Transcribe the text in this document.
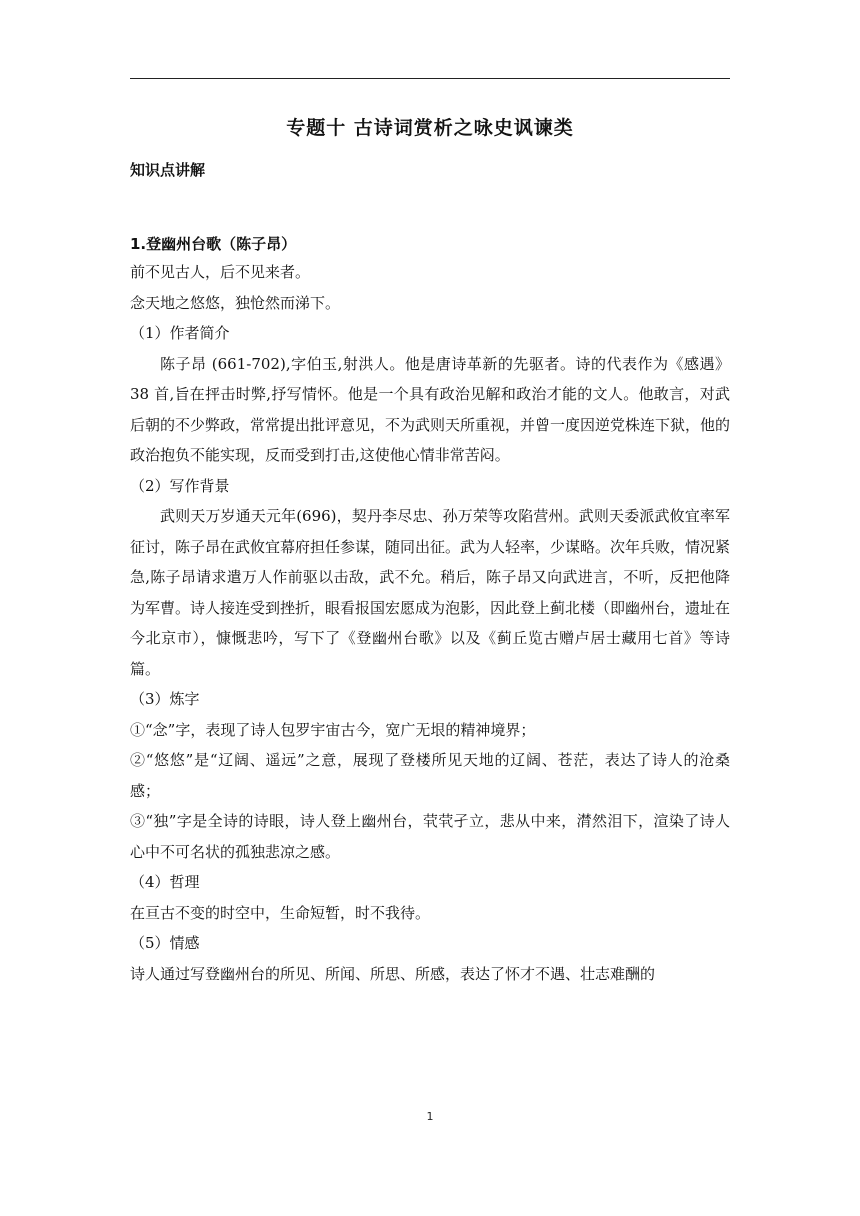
专题十 古诗词赏析之咏史讽谏类
知识点讲解
1.登幽州台歌（陈子昂）

前不见古人，后不见来者。

念天地之悠悠，独怆然而涕下。

（1）作者简介

陈子昂 (661-702),字伯玉,射洪人。他是唐诗革新的先驱者。诗的代表作为《感遇》38 首,旨在抨击时弊,抒写情怀。他是一个具有政治见解和政治才能的文人。他敢言，对武后朝的不少弊政，常常提出批评意见，不为武则天所重视，并曾一度因逆党株连下狱，他的政治抱负不能实现，反而受到打击,这使他心情非常苦闷。

（2）写作背景

武则天万岁通天元年(696)，契丹李尽忠、孙万荣等攻陷营州。武则天委派武攸宜率军征讨，陈子昂在武攸宜幕府担任参谋，随同出征。武为人轻率，少谋略。次年兵败，情况紧急,陈子昂请求遣万人作前驱以击敌，武不允。稍后，陈子昂又向武进言，不听，反把他降为军曹。诗人接连受到挫折，眼看报国宏愿成为泡影，因此登上蓟北楼（即幽州台，遗址在今北京市），慷慨悲吟，写下了《登幽州台歌》以及《蓟丘览古赠卢居士藏用七首》等诗篇。

（3）炼字

①“念”字，表现了诗人包罗宇宙古今，宽广无垠的精神境界；

②“悠悠”是“辽阔、遥远”之意，展现了登楼所见天地的辽阔、苍茫，表达了诗人的沧桑感；

③“独”字是全诗的诗眼，诗人登上幽州台，茕茕孑立，悲从中来，潸然泪下，渲染了诗人心中不可名状的孤独悲凉之感。

（4）哲理

在亘古不变的时空中，生命短暂，时不我待。

（5）情感

诗人通过写登幽州台的所见、所闻、所思、所感，表达了怀才不遇、壮志难酬的

1
